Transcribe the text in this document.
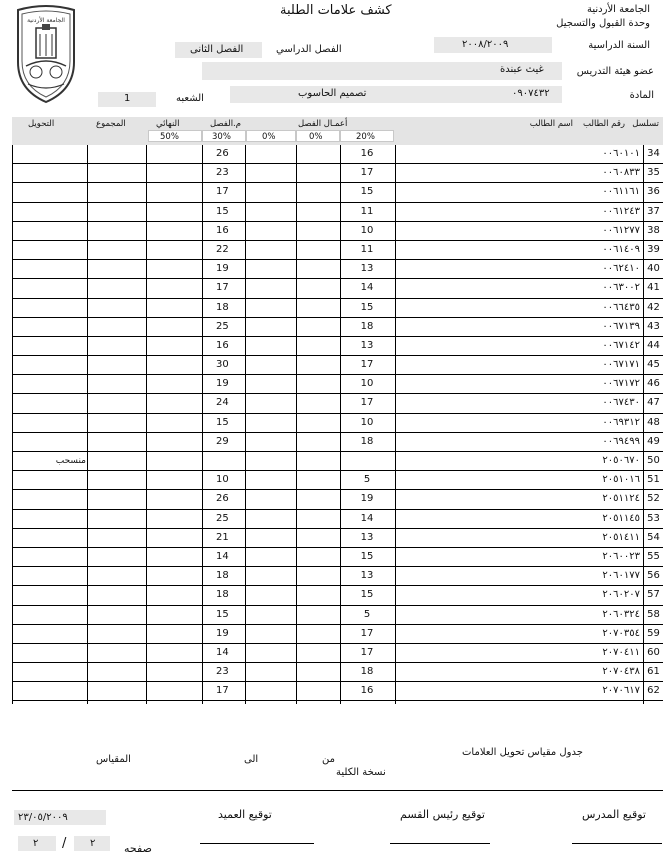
الجامعة الأردنية
كشف علامات الطلبة	الجامعة الأردنية
وحدة القبول والتسجيل
السنة الدراسية
٢٠٠٨/٢٠٠٩
الفصل الدراسي
الفصل الثانى
عضو هيئة التدريس
غيث عبندة
المادة
٠٩٠٧٤٣٢
تصميم الحاسوب
الشعبه
1
تسلسل
رقم الطالب
اسم الطالب
أعمـال الفصل
م.الفصل
النهائي
المجموع
التحويل
20%
0%
0%
30%
50%
34
٠٠٦٠١٠١
16
26
35
٠٠٦٠٨٣٣
17
23
36
٠٠٦١١٦١
15
17
37
٠٠٦١٢٤٣
11
15
38
٠٠٦١٢٧٧
10
16
39
٠٠٦١٤٠٩
11
22
40
٠٠٦٢٤١٠
13
19
41
٠٠٦٣٠٠٢
14
17
42
٠٠٦٦٤٣٥
15
18
43
٠٠٦٧١٣٩
18
25
44
٠٠٦٧١٤٢
13
16
45
٠٠٦٧١٧١
17
30
46
٠٠٦٧١٧٢
10
19
47
٠٠٦٧٤٣٠
17
24
48
٠٠٦٩٣١٢
10
15
49
٠٠٦٩٤٩٩
18
29
50
٢٠٥٠٦٧٠
منسحب
51
٢٠٥١٠١٦
5
10
52
٢٠٥١١٢٤
19
26
53
٢٠٥١١٤٥
14
25
54
٢٠٥١٤١١
13
21
55
٢٠٦٠٠٢٣
15
14
56
٢٠٦٠١٧٧
13
18
57
٢٠٦٠٢٠٧
15
18
58
٢٠٦٠٣٢٤
5
15
59
٢٠٧٠٣٥٤
17
19
60
٢٠٧٠٤١١
17
14
61
٢٠٧٠٤٣٨
18
23
62
٢٠٧٠٦١٧
16
17
جدول مقياس تحويل العلامات
من
الى
المقياس
نسخة الكلية
توقيع المدرس
توقيع رئيس القسم
توقيع العميد
٢٣/٠٥/٢٠٠٩
٢
/
٢	صفحه
